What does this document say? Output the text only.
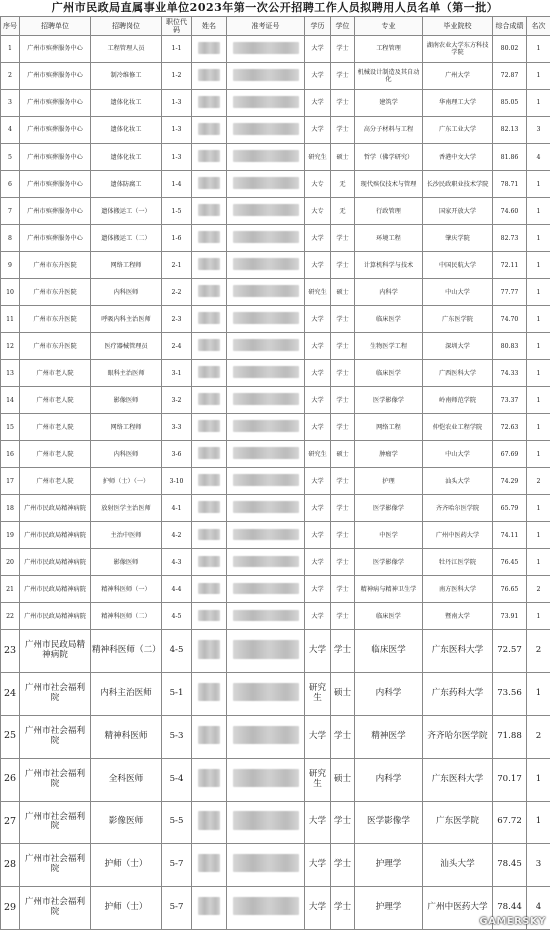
广州市民政局直属事业单位2023年第一次公开招聘工作人员拟聘用人员名单（第一批）
序号	招聘单位	招聘岗位	职位代码	姓名	准考证号	学历	学位	专业	毕业院校	综合成绩	名次
1	广州市殡葬服务中心	工程管理人员	1-1			大学	学士	工程管理	湖南农业大学东方科技学院	80.02	1
2	广州市殡葬服务中心	制冷维修工	1-2			大学	学士	机械设计制造及其自动化	广州大学	72.87	1
3	广州市殡葬服务中心	遗体化妆工	1-3			大学	学士	建筑学	华南理工大学	85.05	1
4	广州市殡葬服务中心	遗体化妆工	1-3			大学	学士	高分子材料与工程	广东工业大学	82.13	3
5	广州市殡葬服务中心	遗体化妆工	1-3			研究生	硕士	哲学（佛学研究）	香港中文大学	81.86	4
6	广州市殡葬服务中心	遗体防腐工	1-4			大专	无	现代殡仪技术与管理	长沙民政职业技术学院	78.71	1
7	广州市殡葬服务中心	遗体搬运工（一）	1-5			大专	无	行政管理	国家开放大学	74.60	1
8	广州市殡葬服务中心	遗体搬运工（二）	1-6			大学	学士	环境工程	肇庆学院	82.73	1
9	广州市东升医院	网络工程师	2-1			大学	学士	计算机科学与技术	中国民航大学	72.11	1
10	广州市东升医院	内科医师	2-2			研究生	硕士	内科学	中山大学	77.77	1
11	广州市东升医院	呼吸内科主治医师	2-3			大学	学士	临床医学	广东医学院	74.70	1
12	广州市东升医院	医疗器械管理员	2-4			大学	学士	生物医学工程	深圳大学	80.83	1
13	广州市老人院	眼科主治医师	3-1			大学	学士	临床医学	广西医科大学	74.33	1
14	广州市老人院	影像医师	3-2			大学	学士	医学影像学	岭南师范学院	73.37	1
15	广州市老人院	网络工程师	3-3			大学	学士	网络工程	仲恺农业工程学院	72.63	1
16	广州市老人院	内科医师	3-6			研究生	硕士	肿瘤学	中山大学	67.69	1
17	广州市老人院	护师（士）（一）	3-10			大学	学士	护理	汕头大学	74.29	2
18	广州市民政局精神病院	放射医学主治医师	4-1			大学	学士	医学影像学	齐齐哈尔医学院	65.79	1
19	广州市民政局精神病院	主治中医师	4-2			大学	学士	中医学	广州中医药大学	74.11	1
20	广州市民政局精神病院	影像医师	4-3			大学	学士	医学影像学	牡丹江医学院	76.45	1
21	广州市民政局精神病院	精神科医师（一）	4-4			大学	学士	精神病与精神卫生学	南方医科大学	76.65	2
22	广州市民政局精神病院	精神科医师（二）	4-5			大学	学士	临床医学	暨南大学	73.91	1
23	广州市民政局精神病院	精神科医师（二）	4-5			大学	学士	临床医学	广东医科大学	72.57	2
24	广州市社会福利院	内科主治医师	5-1			研究生	硕士	内科学	广东药科大学	73.56	1
25	广州市社会福利院	精神科医师	5-3			大学	学士	精神医学	齐齐哈尔医学院	71.88	2
26	广州市社会福利院	全科医师	5-4			研究生	硕士	内科学	广东医科大学	70.17	1
27	广州市社会福利院	影像医师	5-5			大学	学士	医学影像学	广东医学院	67.72	1
28	广州市社会福利院	护师（士）	5-7			大学	学士	护理学	汕头大学	78.45	3
29	广州市社会福利院	护师（士）	5-7			大学	学士	护理学	广州中医药大学	78.44	4
GAMERSKY
